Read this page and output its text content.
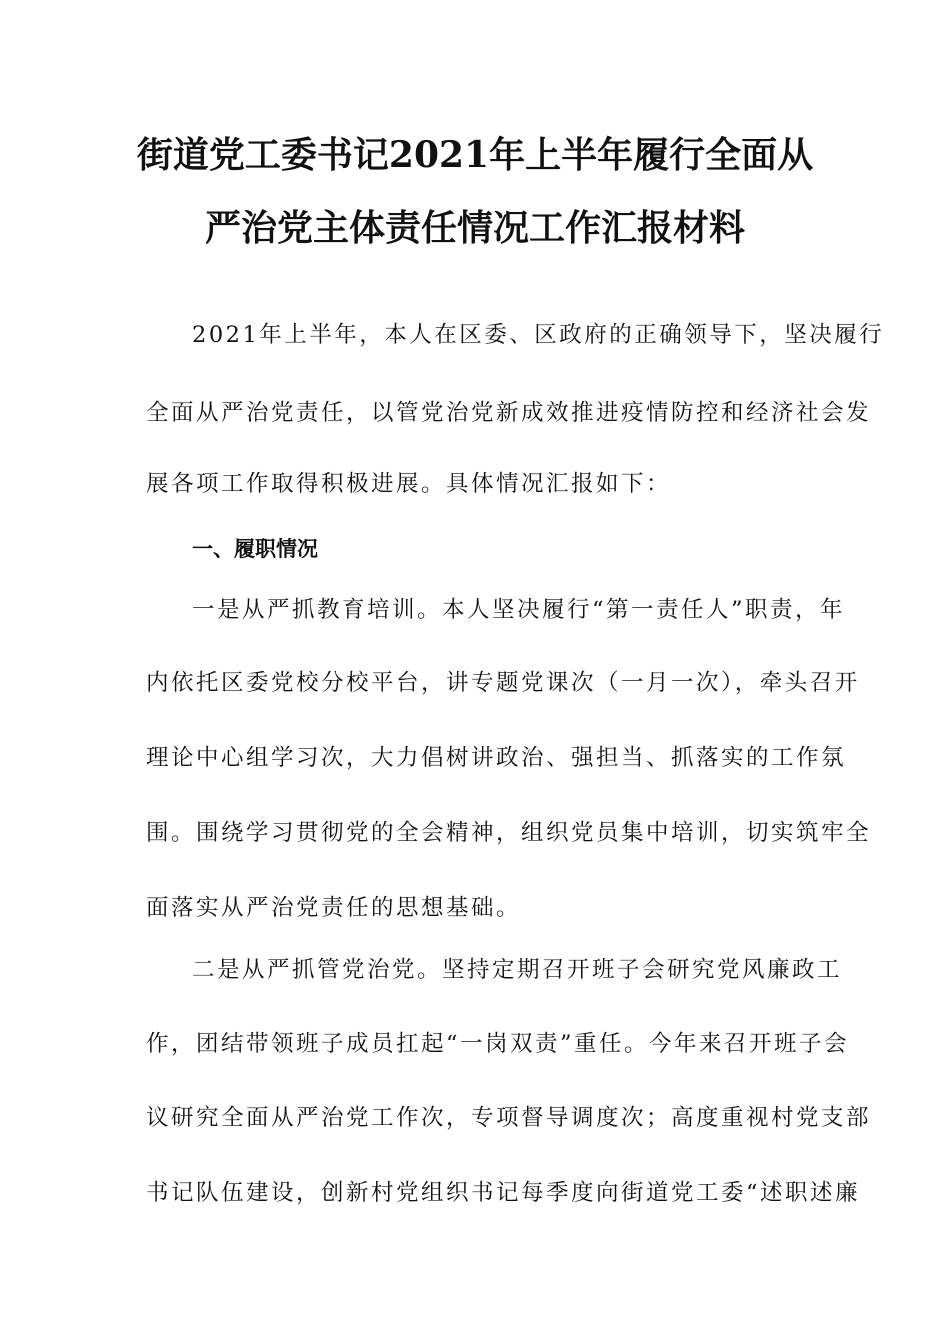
街道党工委书记2021年上半年履行全面从
严治党主体责任情况工作汇报材料
2021年上半年，本人在区委、区政府的正确领导下，坚决履行
全面从严治党责任，以管党治党新成效推进疫情防控和经济社会发
展各项工作取得积极进展。具体情况汇报如下：
一、履职情况
一是从严抓教育培训。本人坚决履行“第一责任人”职责，年
内依托区委党校分校平台，讲专题党课次（一月一次），牵头召开
理论中心组学习次，大力倡树讲政治、强担当、抓落实的工作氛
围。围绕学习贯彻党的全会精神，组织党员集中培训，切实筑牢全
面落实从严治党责任的思想基础。
二是从严抓管党治党。坚持定期召开班子会研究党风廉政工
作，团结带领班子成员扛起“一岗双责”重任。今年来召开班子会
议研究全面从严治党工作次，专项督导调度次；高度重视村党支部
书记队伍建设，创新村党组织书记每季度向街道党工委“述职述廉
